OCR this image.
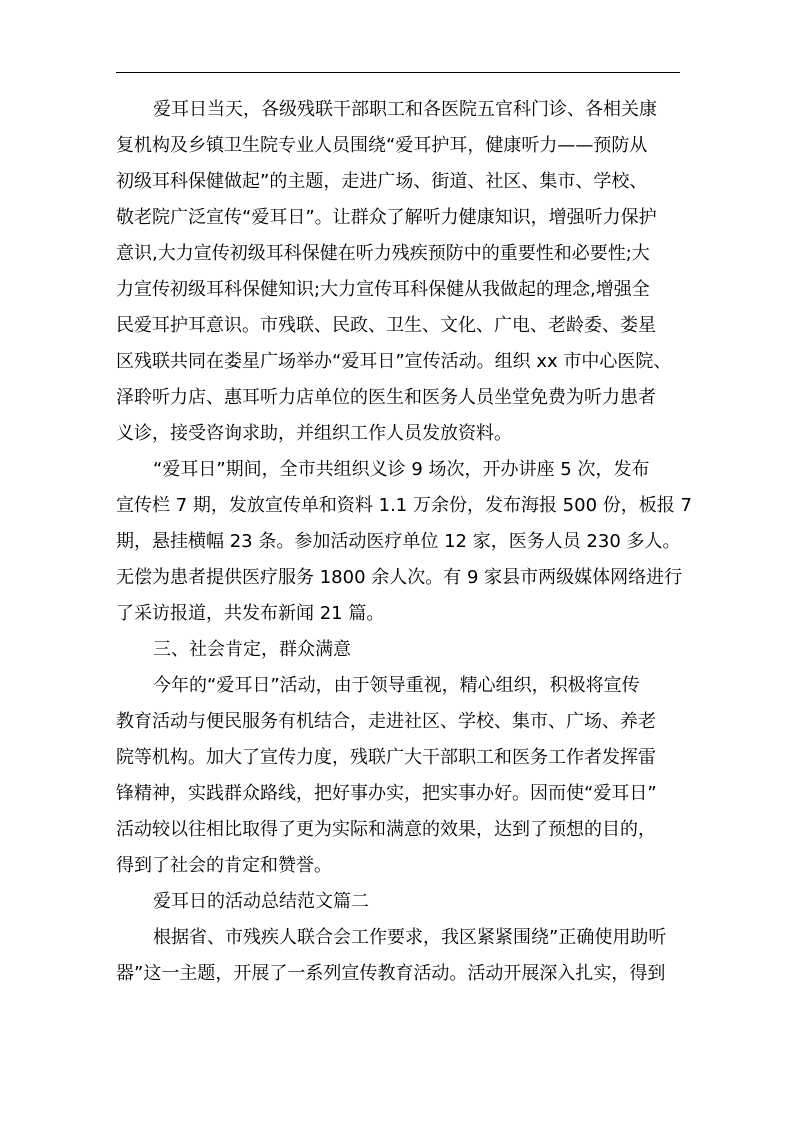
爱耳日当天，各级残联干部职工和各医院五官科门诊、各相关康
复机构及乡镇卫生院专业人员围绕“爱耳护耳，健康听力——预防从
初级耳科保健做起”的主题，走进广场、街道、社区、集市、学校、
敬老院广泛宣传“爱耳日”。让群众了解听力健康知识，增强听力保护
意识,大力宣传初级耳科保健在听力残疾预防中的重要性和必要性;大
力宣传初级耳科保健知识;大力宣传耳科保健从我做起的理念,增强全
民爱耳护耳意识。市残联、民政、卫生、文化、广电、老龄委、娄星
区残联共同在娄星广场举办“爱耳日”宣传活动。组织 xx 市中心医院、
泽聆听力店、惠耳听力店单位的医生和医务人员坐堂免费为听力患者
义诊，接受咨询求助，并组织工作人员发放资料。

“爱耳日”期间，全市共组织义诊 9 场次，开办讲座 5 次，发布
宣传栏 7 期，发放宣传单和资料 1.1 万余份，发布海报 500 份，板报 7
期，悬挂横幅 23 条。参加活动医疗单位 12 家，医务人员 230 多人。
无偿为患者提供医疗服务 1800 余人次。有 9 家县市两级媒体网络进行
了采访报道，共发布新闻 21 篇。

三、社会肯定，群众满意

今年的“爱耳日”活动，由于领导重视，精心组织，积极将宣传
教育活动与便民服务有机结合，走进社区、学校、集市、广场、养老
院等机构。加大了宣传力度，残联广大干部职工和医务工作者发挥雷
锋精神，实践群众路线，把好事办实，把实事办好。因而使“爱耳日”
活动较以往相比取得了更为实际和满意的效果，达到了预想的目的，
得到了社会的肯定和赞誉。

爱耳日的活动总结范文篇二

根据省、市残疾人联合会工作要求，我区紧紧围绕”正确使用助听
器”这一主题，开展了一系列宣传教育活动。活动开展深入扎实，得到
